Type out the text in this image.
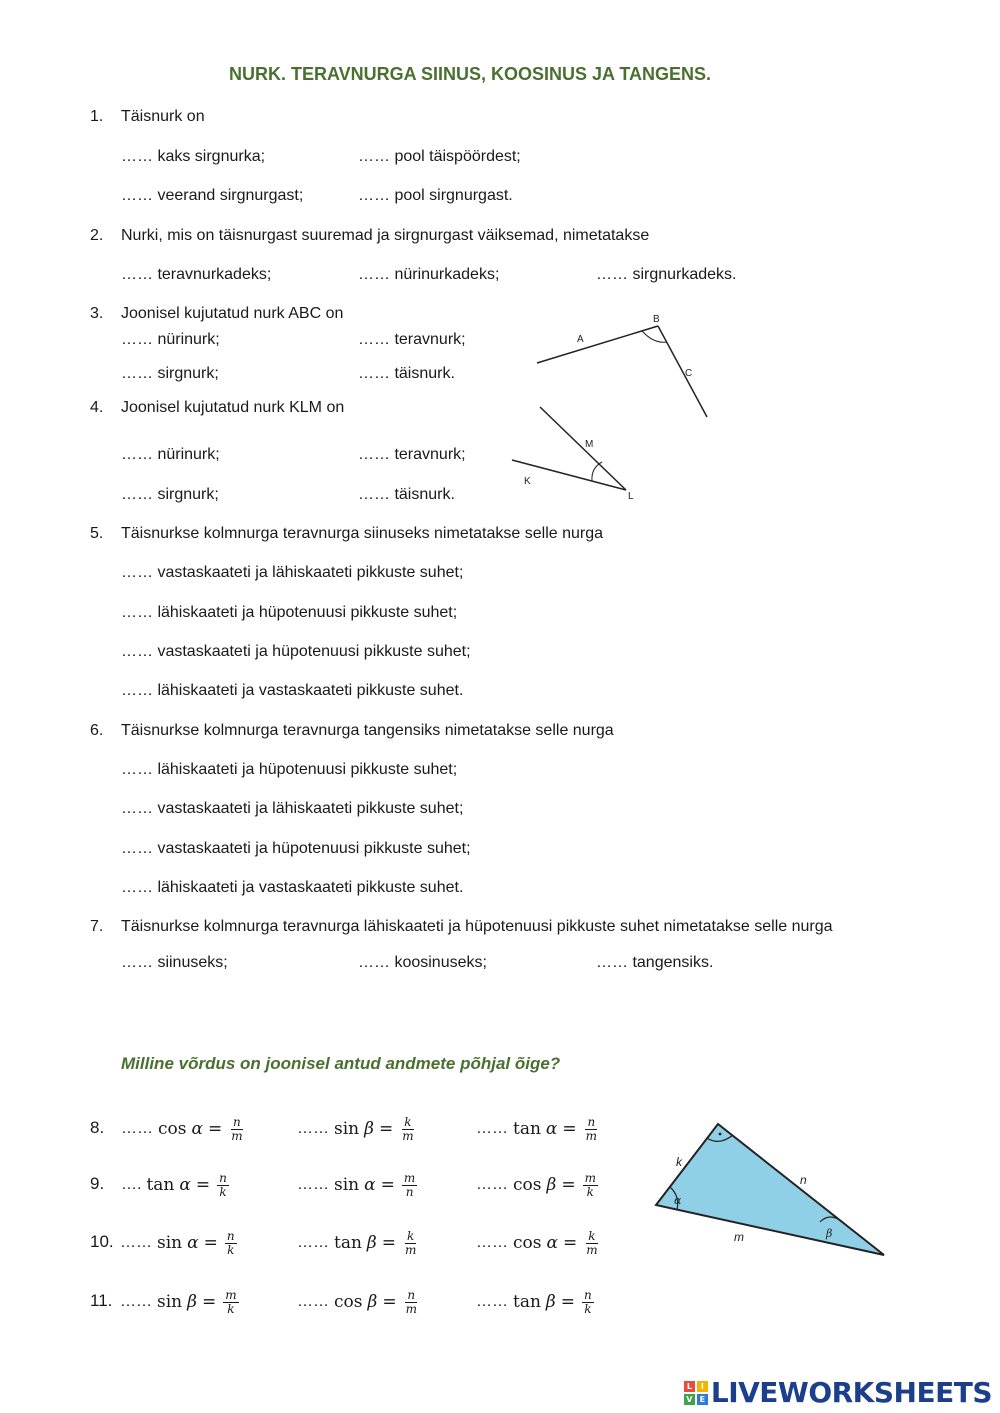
NURK. TERAVNURGA SIINUS, KOOSINUS JA TANGENS.
1. Täisnurk on
…… kaks sirgnurka;	…… pool täispöördest;
…… veerand sirgnurgast;	…… pool sirgnurgast.
2. Nurki, mis on täisnurgast suuremad ja sirgnurgast väiksemad, nimetatakse
…… teravnurkadeks;	…… nürinurkadeks;	…… sirgnurkadeks.
3. Joonisel kujutatud nurk ABC on
…… nürinurk;	…… teravnurk;
…… sirgnurk;	…… täisnurk.
A
B
C
4. Joonisel kujutatud nurk KLM on
…… nürinurk;	…… teravnurk;
…… sirgnurk;	…… täisnurk.
K
L
M
5. Täisnurkse kolmnurga teravnurga siinuseks nimetatakse selle nurga
…… vastaskaateti ja lähiskaateti pikkuste suhet;
…… lähiskaateti ja hüpotenuusi pikkuste suhet;
…… vastaskaateti ja hüpotenuusi pikkuste suhet;
…… lähiskaateti ja vastaskaateti pikkuste suhet.
6. Täisnurkse kolmnurga teravnurga tangensiks nimetatakse selle nurga
…… lähiskaateti ja hüpotenuusi pikkuste suhet;
…… vastaskaateti ja lähiskaateti pikkuste suhet;
…… vastaskaateti ja hüpotenuusi pikkuste suhet;
…… lähiskaateti ja vastaskaateti pikkuste suhet.
7. Täisnurkse kolmnurga teravnurga lähiskaateti ja hüpotenuusi pikkuste suhet nimetatakse selle nurga
…… siinuseks;	…… koosinuseks;	…… tangensiks.
Milline võrdus on joonisel antud andmete põhjal õige?
8. …… $\cos \alpha = \frac{n}{m}$	…… $\sin \beta = \frac{k}{m}$	…… $\tan \alpha = \frac{n}{m}$
9. …. $\tan \alpha = \frac{n}{k}$	…… $\sin \alpha = \frac{m}{n}$	…… $\cos \beta = \frac{m}{k}$
10. …… $\sin \alpha = \frac{n}{k}$	…… $\tan \beta = \frac{k}{m}$	…… $\cos \alpha = \frac{k}{m}$
11. …… $\sin \beta = \frac{m}{k}$	…… $\cos \beta = \frac{n}{m}$	…… $\tan \beta = \frac{n}{k}$
α
β
k
n
m
L	I
V E LIVEWORKSHEETS
